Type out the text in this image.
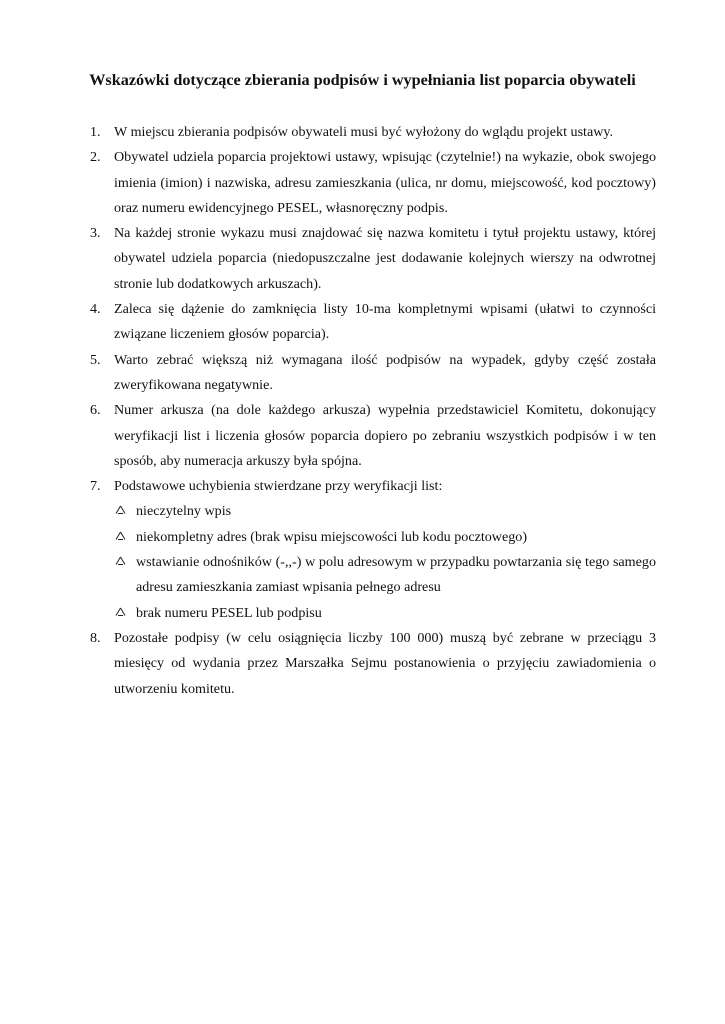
Wskazówki dotyczące zbierania podpisów i wypełniania list poparcia obywateli
1. W miejscu zbierania podpisów obywateli musi być wyłożony do wglądu projekt ustawy.
2. Obywatel udziela poparcia projektowi ustawy, wpisując (czytelnie!) na wykazie, obok swojego imienia (imion) i nazwiska, adresu zamieszkania (ulica, nr domu, miejscowość, kod pocztowy) oraz numeru ewidencyjnego PESEL, własnoręczny podpis.
3. Na każdej stronie wykazu musi znajdować się nazwa komitetu i tytuł projektu ustawy, której obywatel udziela poparcia (niedopuszczalne jest dodawanie kolejnych wierszy na odwrotnej stronie lub dodatkowych arkuszach).
4. Zaleca się dążenie do zamknięcia listy 10-ma kompletnymi wpisami (ułatwi to czynności związane liczeniem głosów poparcia).
5. Warto zebrać większą niż wymagana ilość podpisów na wypadek, gdyby część została zweryfikowana negatywnie.
6. Numer arkusza (na dole każdego arkusza) wypełnia przedstawiciel Komitetu, dokonujący weryfikacji list i liczenia głosów poparcia dopiero po zebraniu wszystkich podpisów i w ten sposób, aby numeracja arkuszy była spójna.
7. Podstawowe uchybienia stwierdzane przy weryfikacji list:
nieczytelny wpis
niekompletny adres (brak wpisu miejscowości lub kodu pocztowego)
wstawianie odnośników (-,,-) w polu adresowym w przypadku powtarzania się tego samego adresu zamieszkania zamiast wpisania pełnego adresu
brak numeru PESEL lub podpisu
8. Pozostałe podpisy (w celu osiągnięcia liczby 100 000) muszą być zebrane w przeciągu 3 miesięcy od wydania przez Marszałka Sejmu postanowienia o przyjęciu zawiadomienia o utworzeniu komitetu.
